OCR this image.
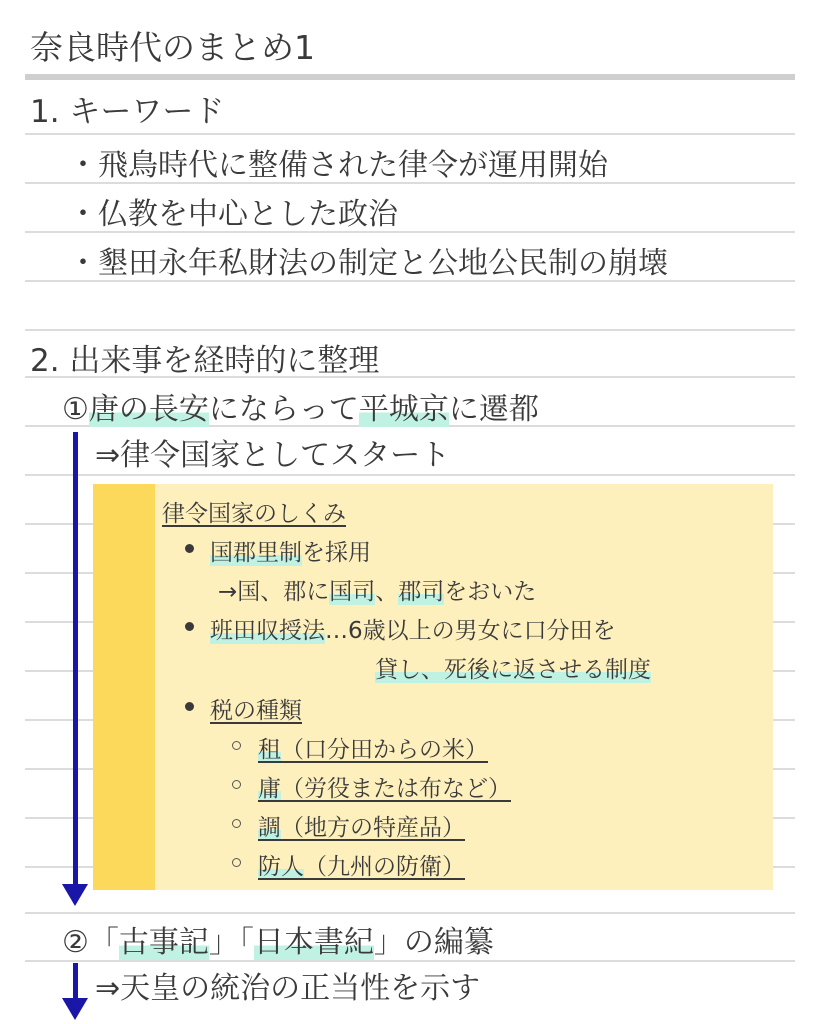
奈良時代のまとめ1
1. キーワード
・飛鳥時代に整備された律令が運用開始
・仏教を中心とした政治
・墾田永年私財法の制定と公地公民制の崩壊
2. 出来事を経時的に整理
①唐の長安にならって平城京に遷都
⇒律令国家としてスタート
律令国家のしくみ
国郡里制を採用
→国、郡に国司、郡司をおいた
班田収授法…6歳以上の男女に口分田を
貸し、死後に返させる制度
税の種類
租（口分田からの米）
庸（労役または布など）
調（地方の特産品）
防人（九州の防衛）
②「古事記」「日本書紀」の編纂
⇒天皇の統治の正当性を示す
